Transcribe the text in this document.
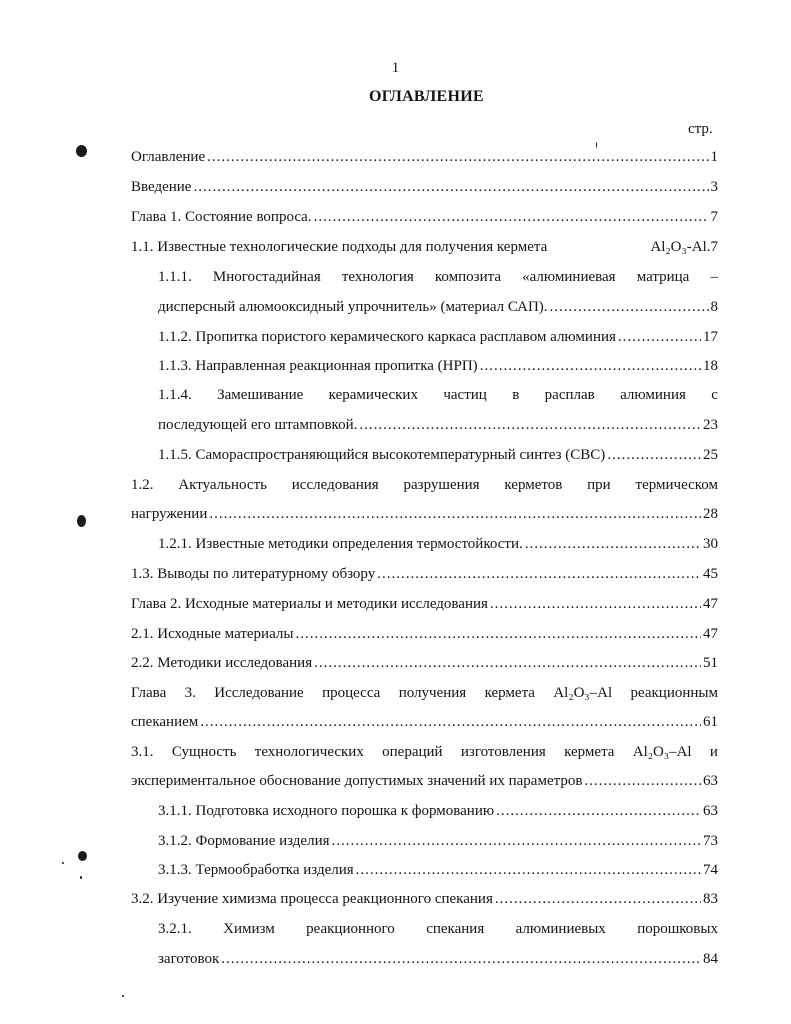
1
ОГЛАВЛЕНИЕ
стр.
Оглавление .....	1
Введение .....	3
Глава 1. Состояние вопроса. .....	7
1.1. Известные технологические подходы для получения кермета	Al₂O₃-Al. 7
1.1.1. Многостадийная технология композита «алюминиевая матрица –
дисперсный алюмооксидный упрочнитель» (материал САП). .....	8
1.1.2. Пропитка пористого керамического каркаса расплавом алюминия .....	17
1.1.3. Направленная реакционная пропитка (НРП) .....	18
1.1.4. Замешивание керамических частиц в расплав алюминия с
последующей его штамповкой. .....	23
1.1.5. Самораспространяющийся высокотемпературный синтез (СВС) .....	25
1.2. Актуальность исследования разрушения керметов при термическом
нагружении .....	28
1.2.1. Известные методики определения термостойкости. .....	30
1.3. Выводы по литературному обзору .....	45
Глава 2. Исходные материалы и методики исследования .....	47
2.1. Исходные материалы .....	47
2.2. Методики исследования .....	51
Глава 3. Исследование процесса получения кермета Al₂O₃–Al реакционным
спеканием .....	61
3.1. Сущность технологических операций изготовления кермета Al₂O₃–Al и
экспериментальное обоснование допустимых значений их параметров .....	63
3.1.1. Подготовка исходного порошка к формованию .....	63
3.1.2. Формование изделия .....	73
3.1.3. Термообработка изделия .....	74
3.2. Изучение химизма процесса реакционного спекания .....	83
3.2.1. Химизм реакционного спекания алюминиевых порошковых
заготовок .....	84
